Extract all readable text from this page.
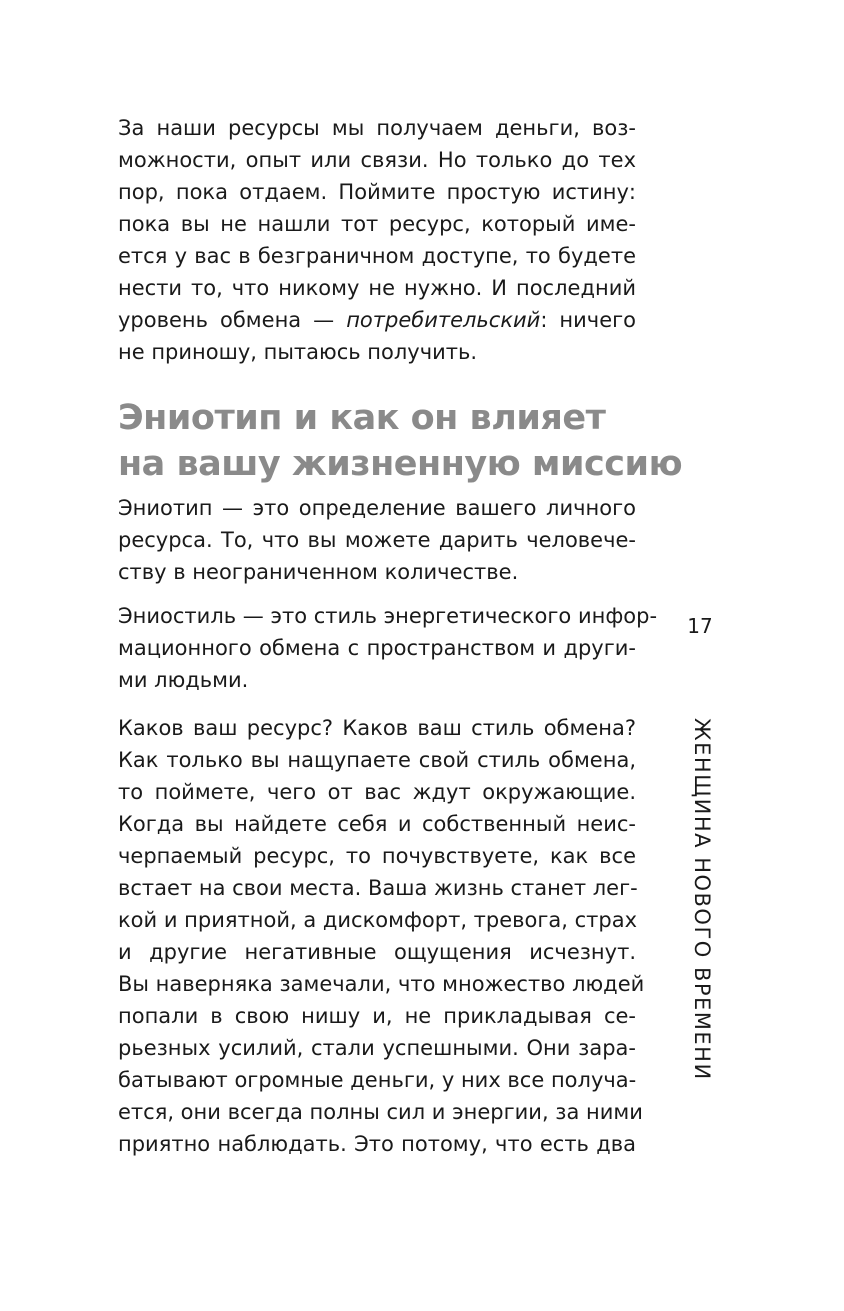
За наши ресурсы мы получаем деньги, воз-
можности, опыт или связи. Но только до тех
пор, пока отдаем. Поймите простую истину:
пока вы не нашли тот ресурс, который име-
ется у вас в безграничном доступе, то будете
нести то, что никому не нужно. И последний
уровень обмена — потребительский: ничего
не приношу, пытаюсь получить.
Эниотип и как он влияет
на вашу жизненную миссию
Эниотип — это определение вашего личного
ресурса. То, что вы можете дарить человече-
ству в неограниченном количестве.
Эниостиль — это стиль энергетического инфор-
мационного обмена с пространством и други-
ми людьми.
Каков ваш ресурс? Каков ваш стиль обмена?
Как только вы нащупаете свой стиль обмена,
то поймете, чего от вас ждут окружающие.
Когда вы найдете себя и собственный неис-
черпаемый ресурс, то почувствуете, как все
встает на свои места. Ваша жизнь станет лег-
кой и приятной, а дискомфорт, тревога, страх
и другие негативные ощущения исчезнут.
Вы наверняка замечали, что множество людей
попали в свою нишу и, не прикладывая се-
рьезных усилий, стали успешными. Они зара-
батывают огромные деньги, у них все получа-
ется, они всегда полны сил и энергии, за ними
приятно наблюдать. Это потому, что есть два
17
ЖЕНЩИНА НОВОГО ВРЕМЕНИ
